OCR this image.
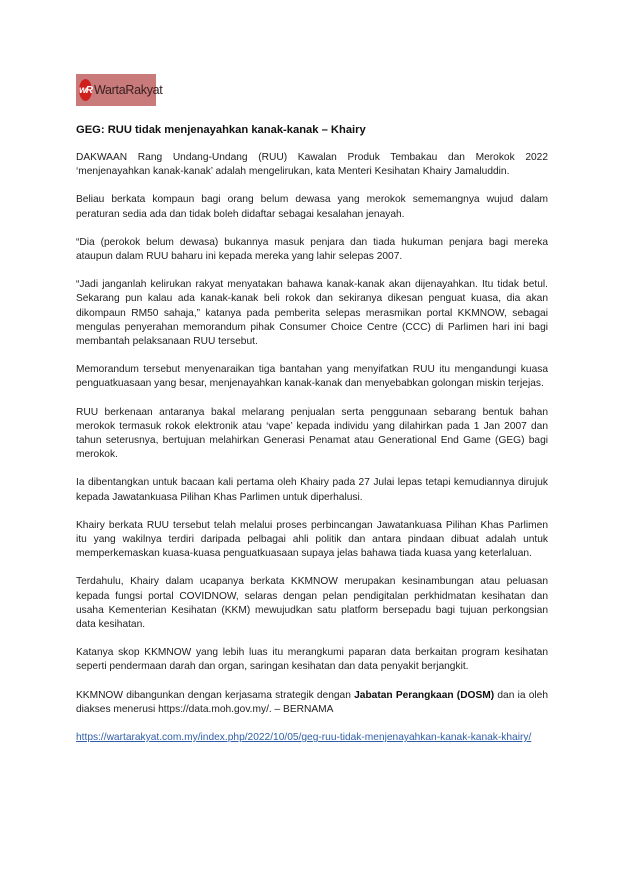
wR WartaRakyat
GEG: RUU tidak menjenayahkan kanak-kanak – Khairy
DAKWAAN Rang Undang-Undang (RUU) Kawalan Produk Tembakau dan Merokok 2022 ‘menjenayahkan kanak-kanak’ adalah mengelirukan, kata Menteri Kesihatan Khairy Jamaluddin.
Beliau berkata kompaun bagi orang belum dewasa yang merokok sememangnya wujud dalam peraturan sedia ada dan tidak boleh didaftar sebagai kesalahan jenayah.
“Dia (perokok belum dewasa) bukannya masuk penjara dan tiada hukuman penjara bagi mereka ataupun dalam RUU baharu ini kepada mereka yang lahir selepas 2007.
“Jadi janganlah kelirukan rakyat menyatakan bahawa kanak-kanak akan dijenayahkan. Itu tidak betul. Sekarang pun kalau ada kanak-kanak beli rokok dan sekiranya dikesan penguat kuasa, dia akan dikompaun RM50 sahaja,” katanya pada pemberita selepas merasmikan portal KKMNOW, sebagai mengulas penyerahan memorandum pihak Consumer Choice Centre (CCC) di Parlimen hari ini bagi membantah pelaksanaan RUU tersebut.
Memorandum tersebut menyenaraikan tiga bantahan yang menyifatkan RUU itu mengandungi kuasa penguatkuasaan yang besar, menjenayahkan kanak-kanak dan menyebabkan golongan miskin terjejas.
RUU berkenaan antaranya bakal melarang penjualan serta penggunaan sebarang bentuk bahan merokok termasuk rokok elektronik atau ‘vape’ kepada individu yang dilahirkan pada 1 Jan 2007 dan tahun seterusnya, bertujuan melahirkan Generasi Penamat atau Generational End Game (GEG) bagi merokok.
Ia dibentangkan untuk bacaan kali pertama oleh Khairy pada 27 Julai lepas tetapi kemudiannya dirujuk kepada Jawatankuasa Pilihan Khas Parlimen untuk diperhalusi.
Khairy berkata RUU tersebut telah melalui proses perbincangan Jawatankuasa Pilihan Khas Parlimen itu yang wakilnya terdiri daripada pelbagai ahli politik dan antara pindaan dibuat adalah untuk memperkemaskan kuasa-kuasa penguatkuasaan supaya jelas bahawa tiada kuasa yang keterlaluan.
Terdahulu, Khairy dalam ucapanya berkata KKMNOW merupakan kesinambungan atau peluasan kepada fungsi portal COVIDNOW, selaras dengan pelan pendigitalan perkhidmatan kesihatan dan usaha Kementerian Kesihatan (KKM) mewujudkan satu platform bersepadu bagi tujuan perkongsian data kesihatan.
Katanya skop KKMNOW yang lebih luas itu merangkumi paparan data berkaitan program kesihatan seperti pendermaan darah dan organ, saringan kesihatan dan data penyakit berjangkit.
KKMNOW dibangunkan dengan kerjasama strategik dengan Jabatan Perangkaan (DOSM) dan ia oleh diakses menerusi https://data.moh.gov.my/. – BERNAMA
https://wartarakyat.com.my/index.php/2022/10/05/geg-ruu-tidak-menjenayahkan-kanak-kanak-khairy/
